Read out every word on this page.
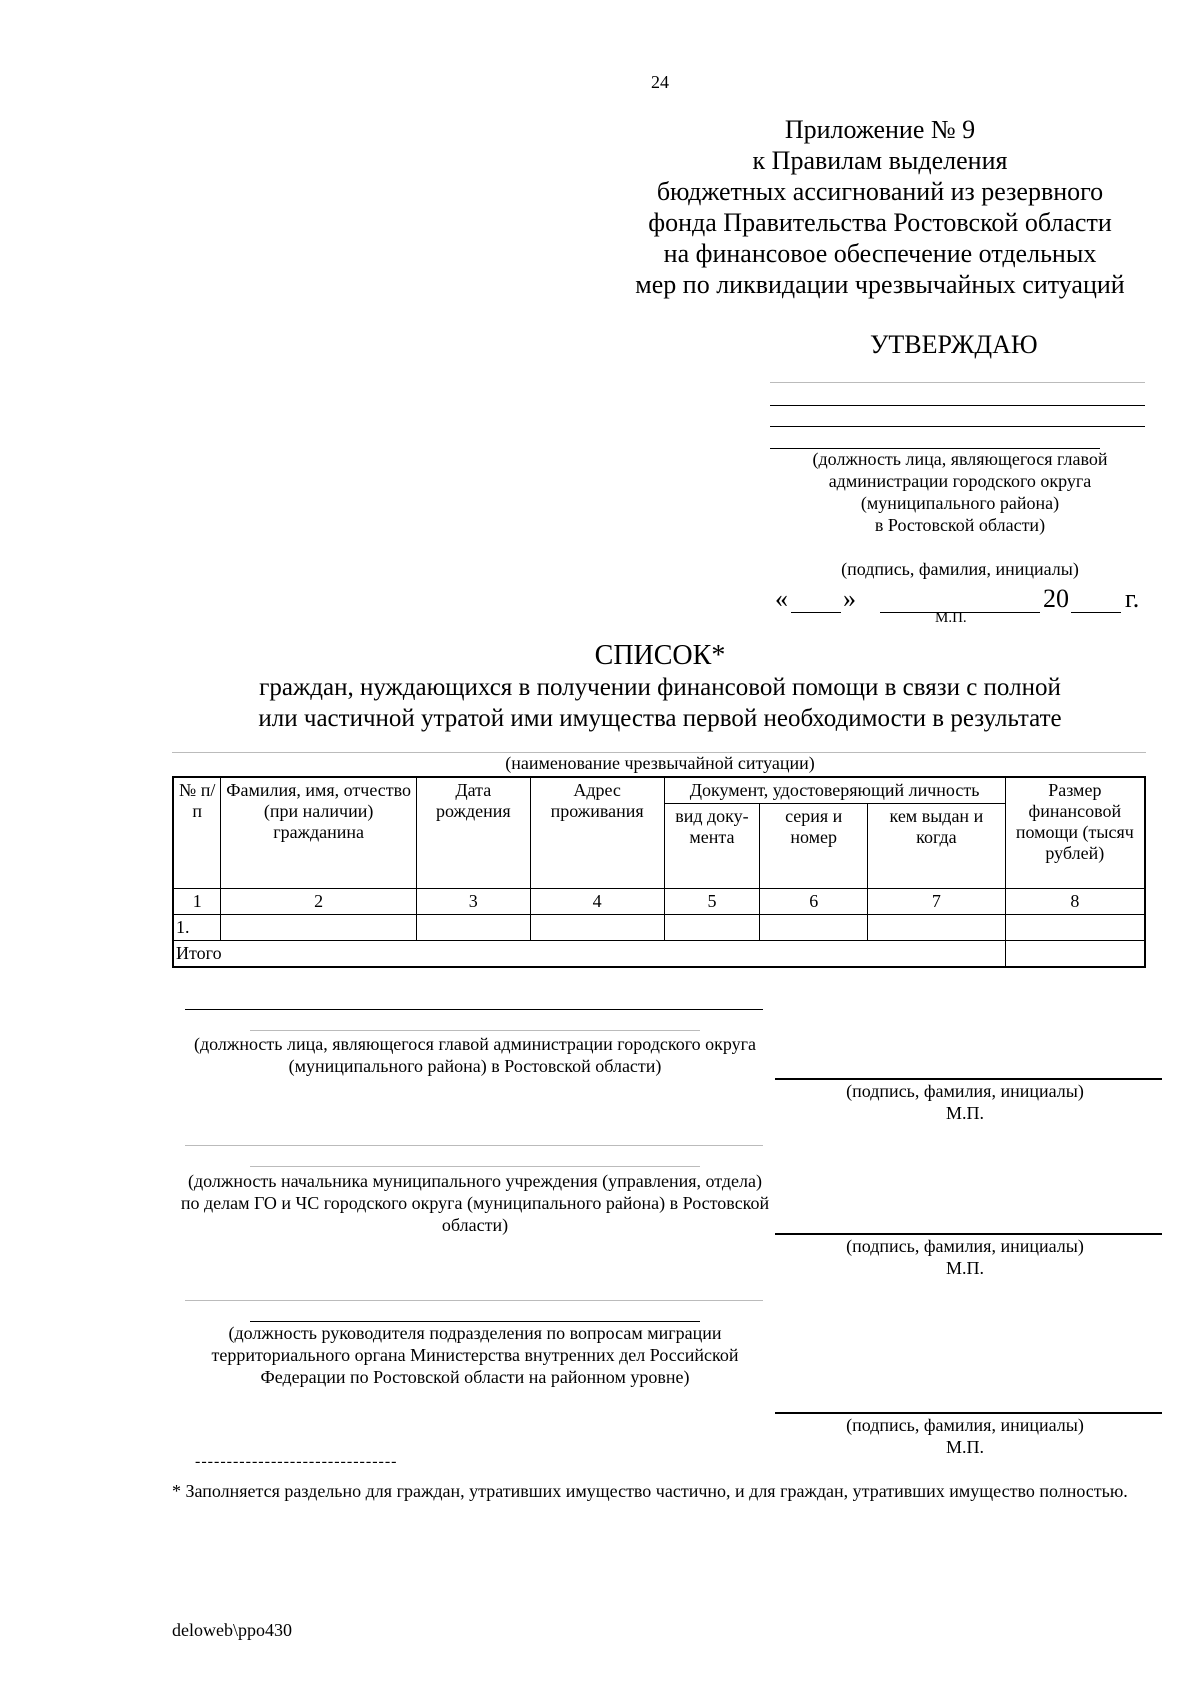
24
Приложение № 9
к Правилам выделения
бюджетных ассигнований из резервного
фонда Правительства Ростовской области
на финансовое обеспечение отдельных
мер по ликвидации чрезвычайных ситуаций
УТВЕРЖДАЮ
(должность лица, являющегося главой
администрации городского округа
(муниципального района)
в Ростовской области)
(подпись, фамилия, инициалы)
« »	20 г.
М.П.
СПИСОК*
граждан, нуждающихся в получении финансовой помощи в связи с полной
или частичной утратой ими имущества первой необходимости в результате
(наименование чрезвычайной ситуации)
№ п/п	Фамилия, имя, отчество (при наличии) гражданина	Дата рождения	Адрес проживания	Документ, удостоверяющий личность			Размер финансовой помощи (тысяч рублей)
				вид доку-мента	серия и номер	кем выдан и когда	
1	2	3	4	5	6	7	8
1.							
Итого							
(должность лица, являющегося главой администрации городского округа (муниципального района) в Ростовской области)
(подпись, фамилия, инициалы)
М.П.
(должность начальника муниципального учреждения (управления, отдела) по делам ГО и ЧС городского округа (муниципального района) в Ростовской области)
(подпись, фамилия, инициалы)
М.П.
(должность руководителя подразделения по вопросам миграции территориального органа Министерства внутренних дел Российской Федерации по Ростовской области на районном уровне)
(подпись, фамилия, инициалы)
М.П.
--------------------------------
* Заполняется раздельно для граждан, утративших имущество частично, и для граждан, утративших имущество полностью.
deloweb\ppo430
